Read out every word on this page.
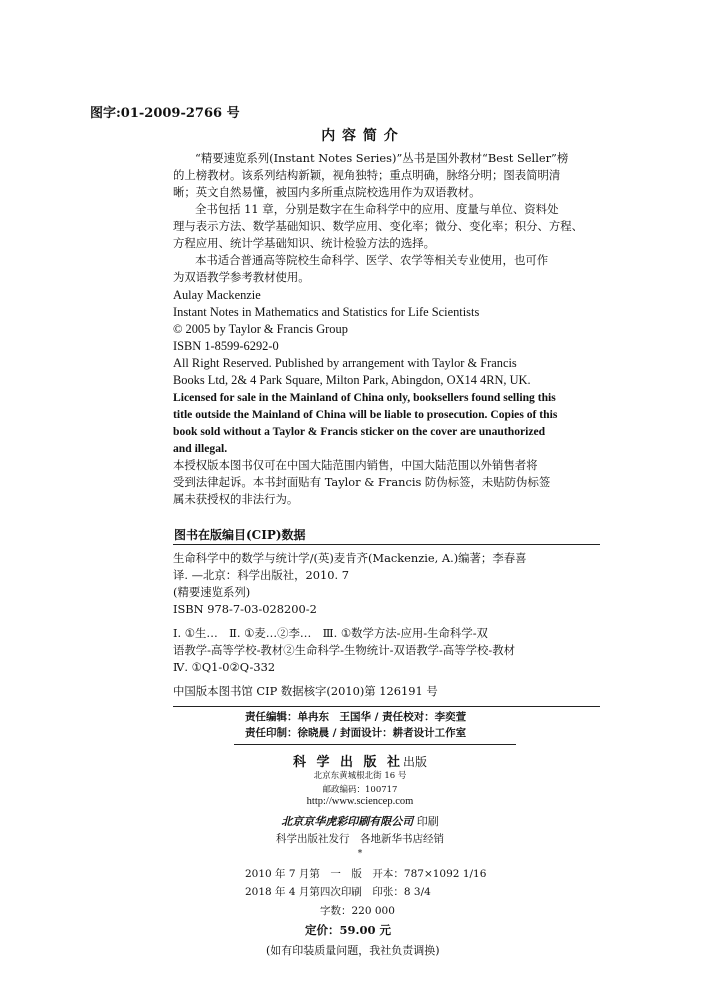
图字:01-2009-2766 号
内 容 简 介
“精要速览系列(Instant Notes Series)”丛书是国外教材“Best Seller”榜
的上榜教材。该系列结构新颖，视角独特；重点明确，脉络分明；图表简明清
晰；英文自然易懂，被国内多所重点院校选用作为双语教材。
全书包括 11 章，分别是数字在生命科学中的应用、度量与单位、资料处
理与表示方法、数学基础知识、数学应用、变化率；微分、变化率；积分、方程、
方程应用、统计学基础知识、统计检验方法的选择。
本书适合普通高等院校生命科学、医学、农学等相关专业使用，也可作
为双语教学参考教材使用。
Aulay Mackenzie
Instant Notes in Mathematics and Statistics for Life Scientists
© 2005 by Taylor & Francis Group
ISBN 1-8599-6292-0
All Right Reserved. Published by arrangement with Taylor & Francis
Books Ltd, 2& 4 Park Square, Milton Park, Abingdon, OX14 4RN, UK.
Licensed for sale in the Mainland of China only, booksellers found selling this
title outside the Mainland of China will be liable to prosecution. Copies of this
book sold without a Taylor & Francis sticker on the cover are unauthorized
and illegal.
本授权版本图书仅可在中国大陆范围内销售，中国大陆范围以外销售者将
受到法律起诉。本书封面贴有 Taylor & Francis 防伪标签，未贴防伪标签
属未获授权的非法行为。
图书在版编目(CIP)数据
生命科学中的数学与统计学/(英)麦肯齐(Mackenzie, A.)编著；李春喜
译. —北京：科学出版社，2010. 7
(精要速览系列)
ISBN 978-7-03-028200-2
Ⅰ. ①生…　Ⅱ. ①麦…②李…　Ⅲ. ①数学方法-应用-生命科学-双
语教学-高等学校-教材②生命科学-生物统计-双语教学-高等学校-教材
Ⅳ. ①Q1-0②Q-332
中国版本图书馆 CIP 数据核字(2010)第 126191 号
责任编辑：单冉东　王国华 / 责任校对：李奕萱
责任印制：徐晓晨 / 封面设计：耕者设计工作室
科 学 出 版 社出版
北京东黄城根北街 16 号
邮政编码：100717
http://www.sciencep.com
北京京华虎彩印刷有限公司 印刷
科学出版社发行　各地新华书店经销
*
2010 年 7 月第　一　版　开本：787×1092 1/16
2018 年 4 月第四次印刷　印张：8 3/4
字数：220 000
定价：59.00 元
(如有印装质量问题，我社负责调换)
